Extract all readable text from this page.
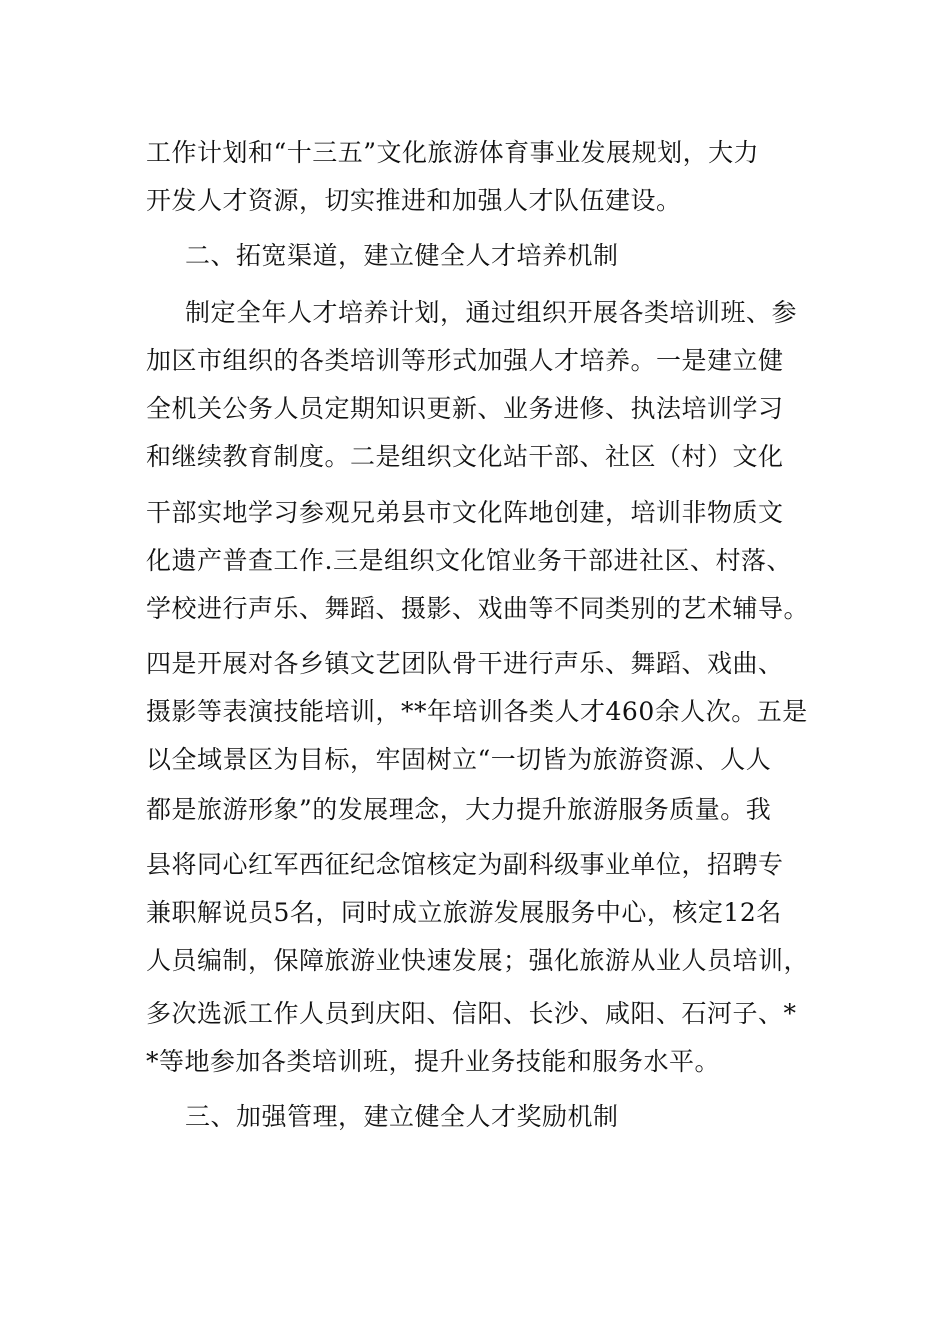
工作计划和“十三五”文化旅游体育事业发展规划，大力
开发人才资源，切实推进和加强人才队伍建设。
二、拓宽渠道，建立健全人才培养机制
制定全年人才培养计划，通过组织开展各类培训班、参
加区市组织的各类培训等形式加强人才培养。一是建立健
全机关公务人员定期知识更新、业务进修、执法培训学习
和继续教育制度。二是组织文化站干部、社区（村）文化
干部实地学习参观兄弟县市文化阵地创建，培训非物质文
化遗产普查工作.三是组织文化馆业务干部进社区、村落、
学校进行声乐、舞蹈、摄影、戏曲等不同类别的艺术辅导。
四是开展对各乡镇文艺团队骨干进行声乐、舞蹈、戏曲、
摄影等表演技能培训，**年培训各类人才460余人次。五是
以全域景区为目标，牢固树立“一切皆为旅游资源、人人
都是旅游形象”的发展理念，大力提升旅游服务质量。我
县将同心红军西征纪念馆核定为副科级事业单位，招聘专
兼职解说员5名，同时成立旅游发展服务中心，核定12名
人员编制，保障旅游业快速发展；强化旅游从业人员培训，
多次选派工作人员到庆阳、信阳、长沙、咸阳、石河子、*
*等地参加各类培训班，提升业务技能和服务水平。
三、加强管理，建立健全人才奖励机制
